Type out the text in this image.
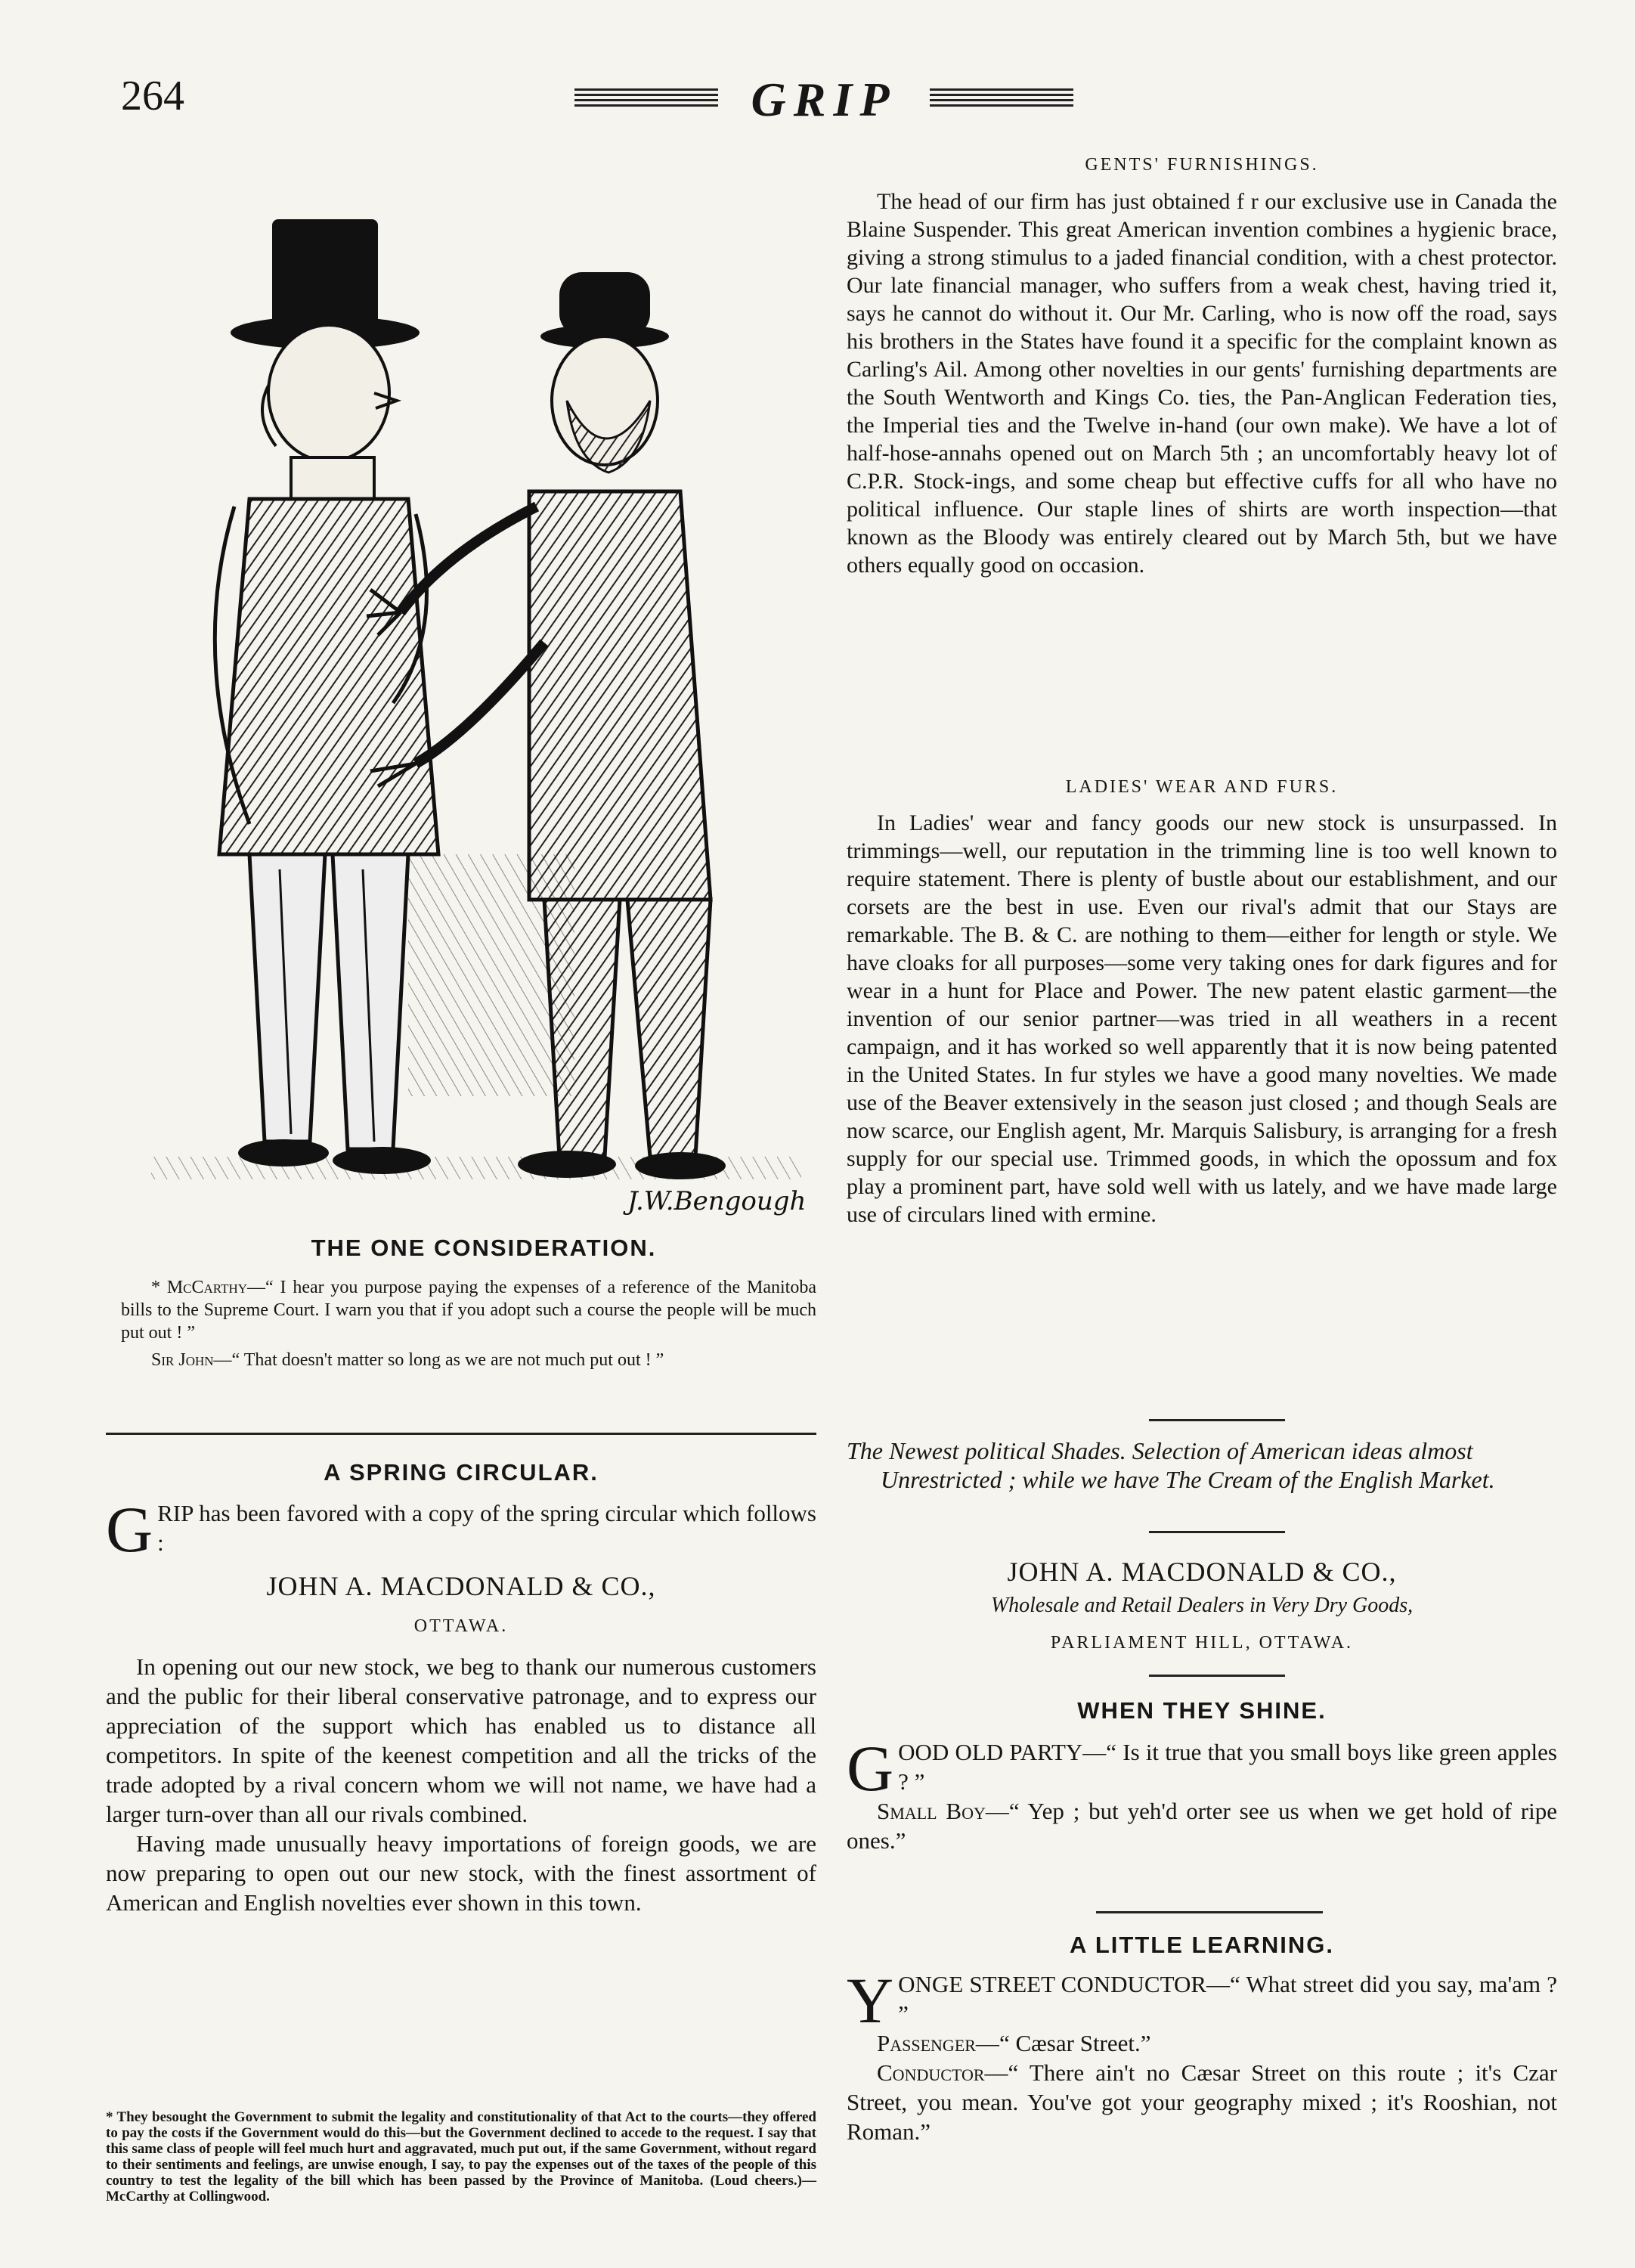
264	GRIP
J.W.Bengough
THE ONE CONSIDERATION.

* McCarthy—“ I hear you purpose paying the expenses of a reference of the Manitoba bills to the Supreme Court. I warn you that if you adopt such a course the people will be much put out ! ”

Sir John—“ That doesn't matter so long as we are not much put out ! ”

A SPRING CIRCULAR.
GRIP has been favored with a copy of the spring circular which follows :
JOHN A. MACDONALD & CO.,
OTTAWA.

In opening out our new stock, we beg to thank our numerous customers and the public for their liberal conservative patronage, and to express our appreciation of the support which has enabled us to distance all competitors. In spite of the keenest competition and all the tricks of the trade adopted by a rival concern whom we will not name, we have had a larger turn-over than all our rivals combined.

Having made unusually heavy importations of foreign goods, we are now preparing to open out our new stock, with the finest assortment of American and English novelties ever shown in this town.

* They besought the Government to submit the legality and constitutionality of that Act to the courts—they offered to pay the costs if the Government would do this—but the Government declined to accede to the request. I say that this same class of people will feel much hurt and aggravated, much put out, if the same Government, without regard to their sentiments and feelings, are unwise enough, I say, to pay the expenses out of the taxes of the people of this country to test the legality of the bill which has been passed by the Province of Manitoba. (Loud cheers.)—McCarthy at Collingwood.
GENTS' FURNISHINGS.
The head of our firm has just obtained f r our exclusive use in Canada the Blaine Suspender. This great American invention combines a hygienic brace, giving a strong stimulus to a jaded financial condition, with a chest protector. Our late financial manager, who suffers from a weak chest, having tried it, says he cannot do without it. Our Mr. Carling, who is now off the road, says his brothers in the States have found it a specific for the complaint known as Carling's Ail. Among other novelties in our gents' furnishing departments are the South Wentworth and Kings Co. ties, the Pan-Anglican Federation ties, the Imperial ties and the Twelve in-hand (our own make). We have a lot of half-hose-annahs opened out on March 5th ; an uncomfortably heavy lot of C.P.R. Stock-ings, and some cheap but effective cuffs for all who have no political influence. Our staple lines of shirts are worth inspection—that known as the Bloody was entirely cleared out by March 5th, but we have others equally good on occasion.
LADIES' WEAR AND FURS.
In Ladies' wear and fancy goods our new stock is unsurpassed. In trimmings—well, our reputation in the trimming line is too well known to require statement. There is plenty of bustle about our establishment, and our corsets are the best in use. Even our rival's admit that our Stays are remarkable. The B. & C. are nothing to them—either for length or style. We have cloaks for all purposes—some very taking ones for dark figures and for wear in a hunt for Place and Power. The new patent elastic garment—the invention of our senior partner—was tried in all weathers in a recent campaign, and it has worked so well apparently that it is now being patented in the United States. In fur styles we have a good many novelties. We made use of the Beaver extensively in the season just closed ; and though Seals are now scarce, our English agent, Mr. Marquis Salisbury, is arranging for a fresh supply for our special use. Trimmed goods, in which the opossum and fox play a prominent part, have sold well with us lately, and we have made large use of circulars lined with ermine.
The Newest political Shades. Selection of American ideas almost Unrestricted ; while we have The Cream of the English Market.
JOHN A. MACDONALD & CO.,
Wholesale and Retail Dealers in Very Dry Goods,
PARLIAMENT HILL, OTTAWA.
WHEN THEY SHINE.

GOOD OLD PARTY—“ Is it true that you small boys like green apples ? ”

Small Boy—“ Yep ; but yeh'd orter see us when we get hold of ripe ones.”

A LITTLE LEARNING.

YONGE STREET CONDUCTOR—“ What street did you say, ma'am ? ”

Passenger—“ Cæsar Street.”

Conductor—“ There ain't no Cæsar Street on this route ; it's Czar Street, you mean. You've got your geography mixed ; it's Rooshian, not Roman.”
